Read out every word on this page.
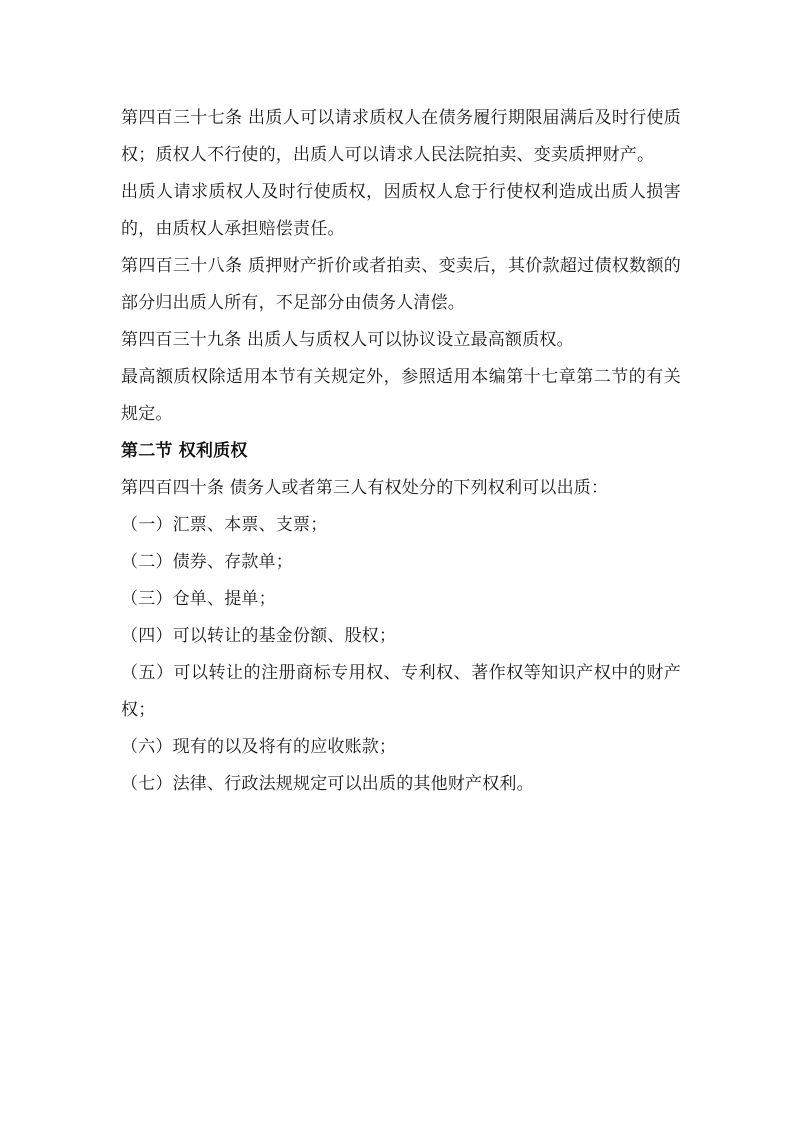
第四百三十七条 出质人可以请求质权人在债务履行期限届满后及时行使质权；质权人不行使的，出质人可以请求人民法院拍卖、变卖质押财产。

出质人请求质权人及时行使质权，因质权人怠于行使权利造成出质人损害的，由质权人承担赔偿责任。

第四百三十八条 质押财产折价或者拍卖、变卖后，其价款超过债权数额的部分归出质人所有，不足部分由债务人清偿。

第四百三十九条 出质人与质权人可以协议设立最高额质权。

最高额质权除适用本节有关规定外，参照适用本编第十七章第二节的有关规定。

第二节 权利质权

第四百四十条 债务人或者第三人有权处分的下列权利可以出质：

（一）汇票、本票、支票；

（二）债券、存款单；

（三）仓单、提单；

（四）可以转让的基金份额、股权；

（五）可以转让的注册商标专用权、专利权、著作权等知识产权中的财产权；

（六）现有的以及将有的应收账款；

（七）法律、行政法规规定可以出质的其他财产权利。
